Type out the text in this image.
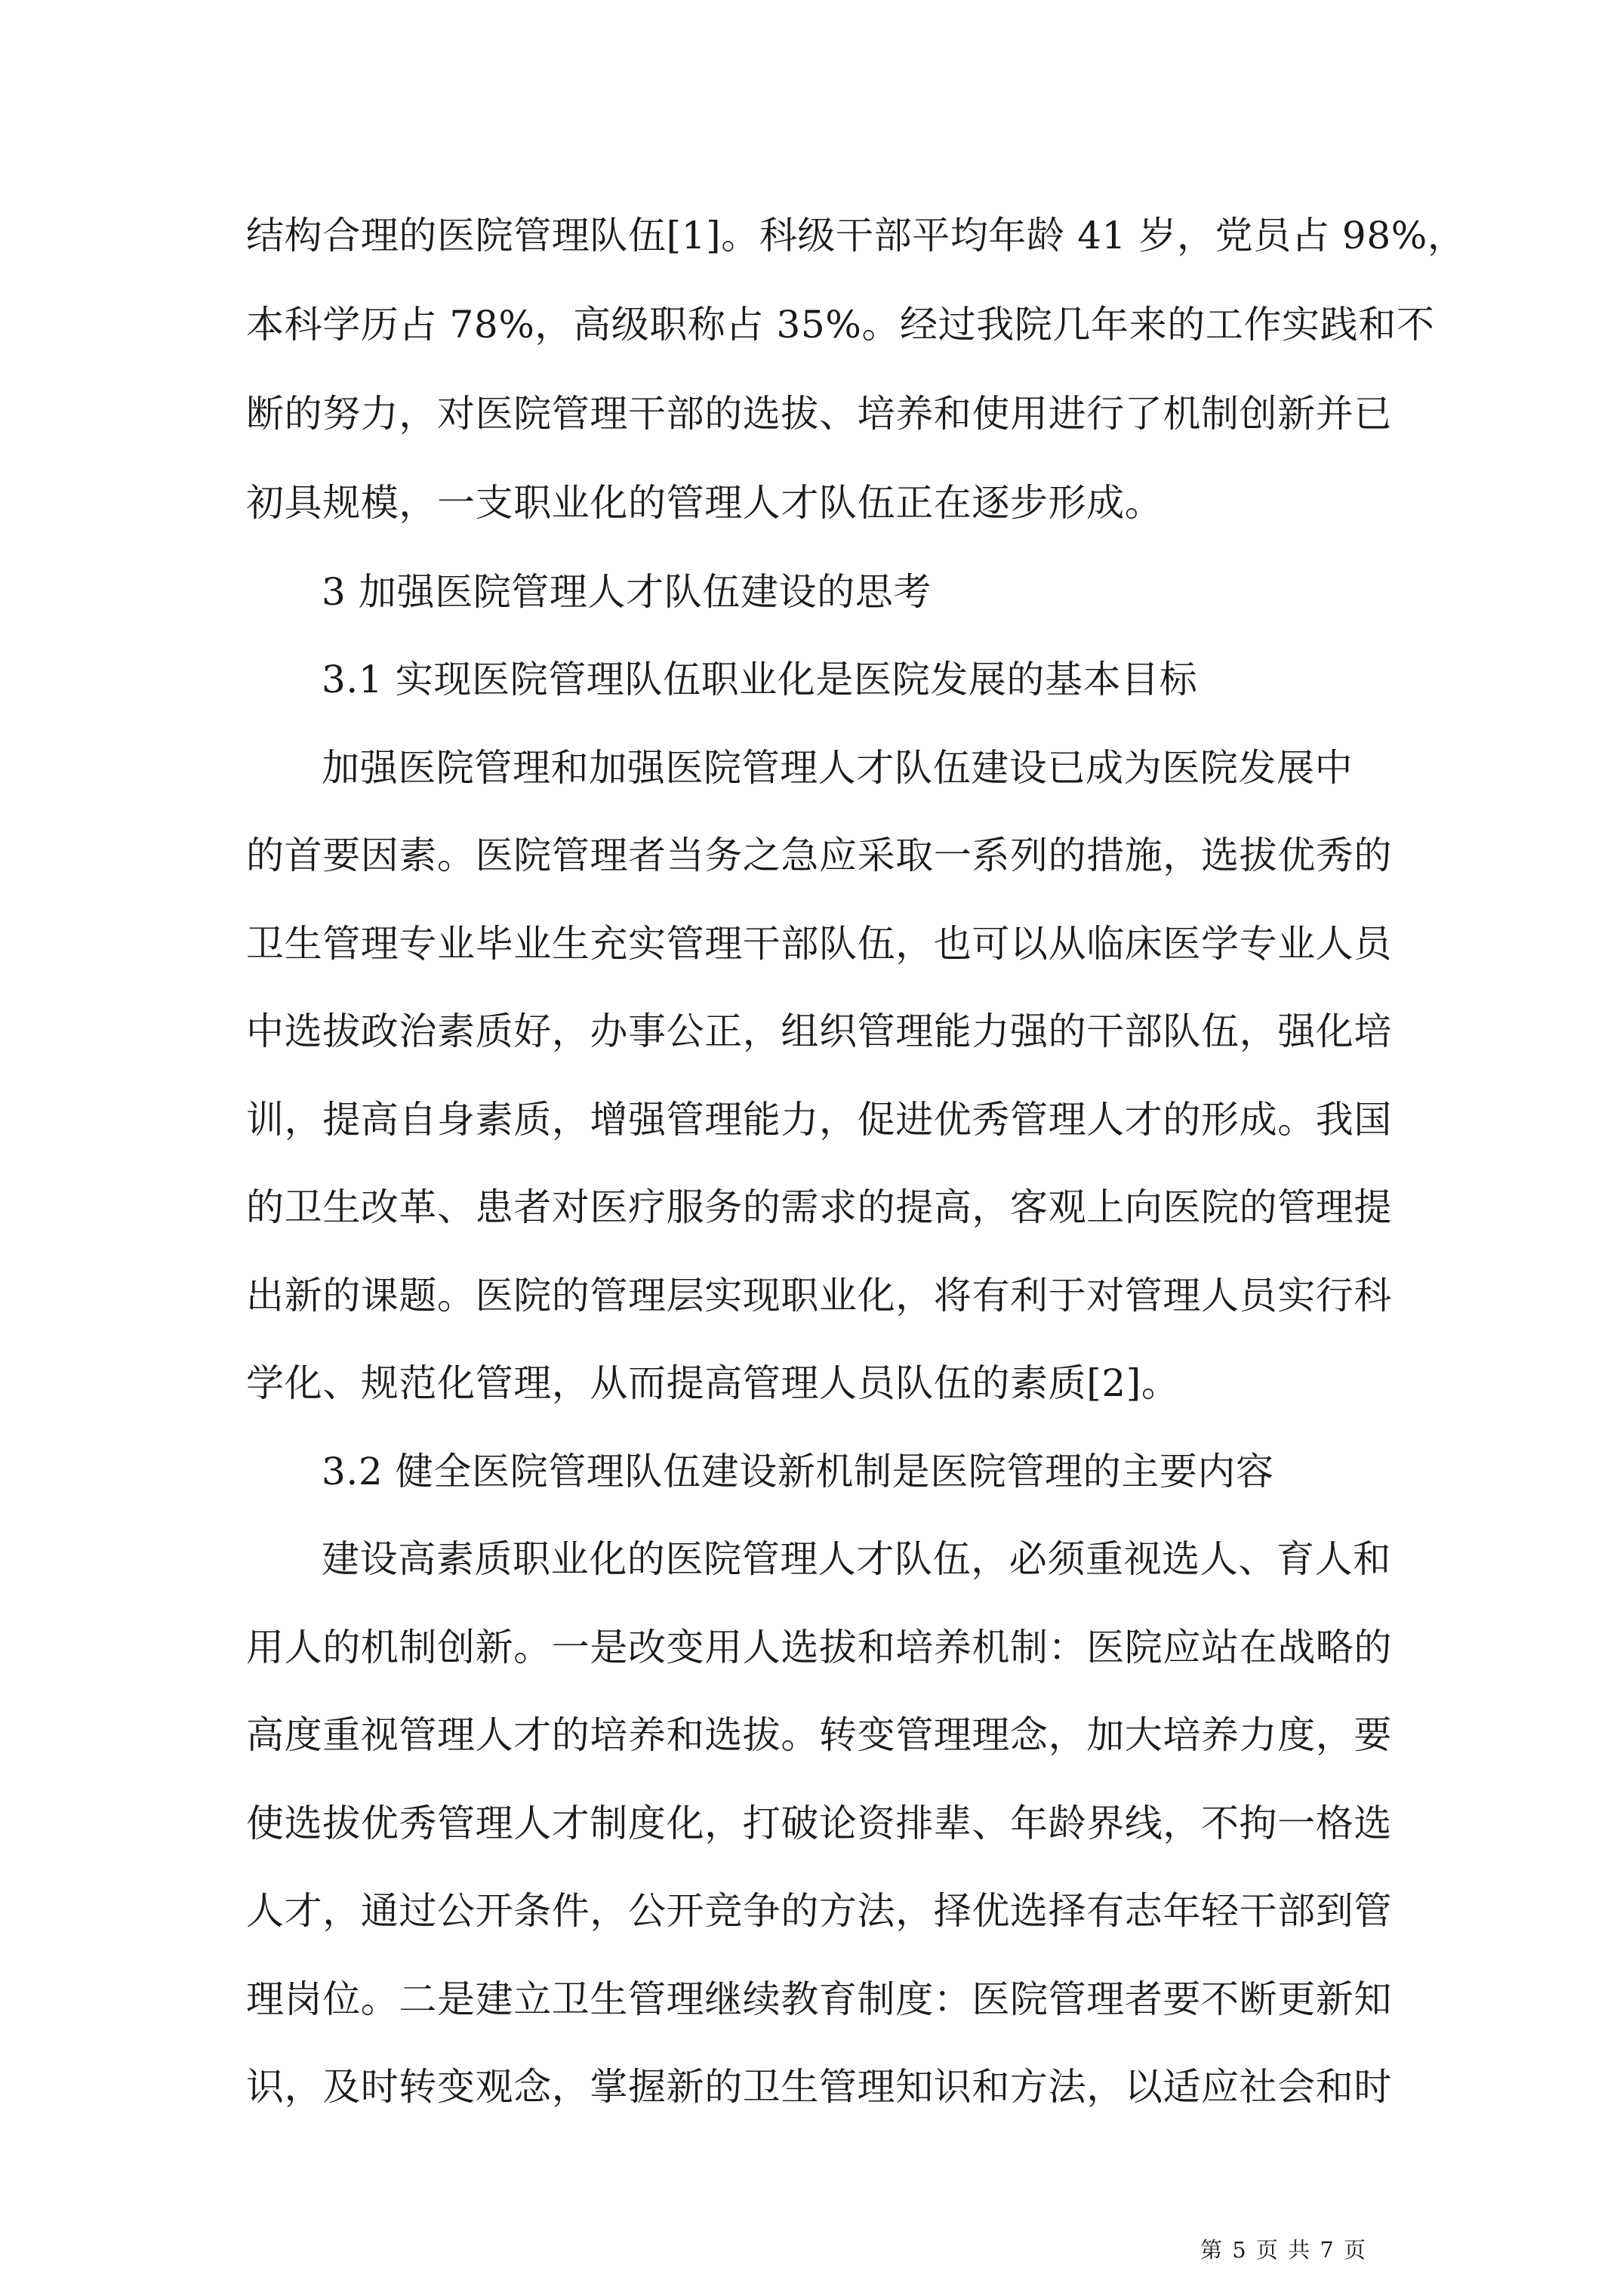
结构合理的医院管理队伍[1]。科级干部平均年龄 41 岁，党员占 98%，
本科学历占 78%，高级职称占 35%。经过我院几年来的工作实践和不
断的努力，对医院管理干部的选拔、培养和使用进行了机制创新并已
初具规模，一支职业化的管理人才队伍正在逐步形成。
3 加强医院管理人才队伍建设的思考
3.1 实现医院管理队伍职业化是医院发展的基本目标
加强医院管理和加强医院管理人才队伍建设已成为医院发展中
的首要因素。医院管理者当务之急应采取一系列的措施，选拔优秀的
卫生管理专业毕业生充实管理干部队伍，也可以从临床医学专业人员
中选拔政治素质好，办事公正，组织管理能力强的干部队伍，强化培
训，提高自身素质，增强管理能力，促进优秀管理人才的形成。我国
的卫生改革、患者对医疗服务的需求的提高，客观上向医院的管理提
出新的课题。医院的管理层实现职业化，将有利于对管理人员实行科
学化、规范化管理，从而提高管理人员队伍的素质[2]。
3.2 健全医院管理队伍建设新机制是医院管理的主要内容
建设高素质职业化的医院管理人才队伍，必须重视选人、育人和
用人的机制创新。一是改变用人选拔和培养机制：医院应站在战略的
高度重视管理人才的培养和选拔。转变管理理念，加大培养力度，要
使选拔优秀管理人才制度化，打破论资排辈、年龄界线，不拘一格选
人才，通过公开条件，公开竞争的方法，择优选择有志年轻干部到管
理岗位。二是建立卫生管理继续教育制度：医院管理者要不断更新知
识，及时转变观念，掌握新的卫生管理知识和方法，以适应社会和时
第 5 页 共 7 页
